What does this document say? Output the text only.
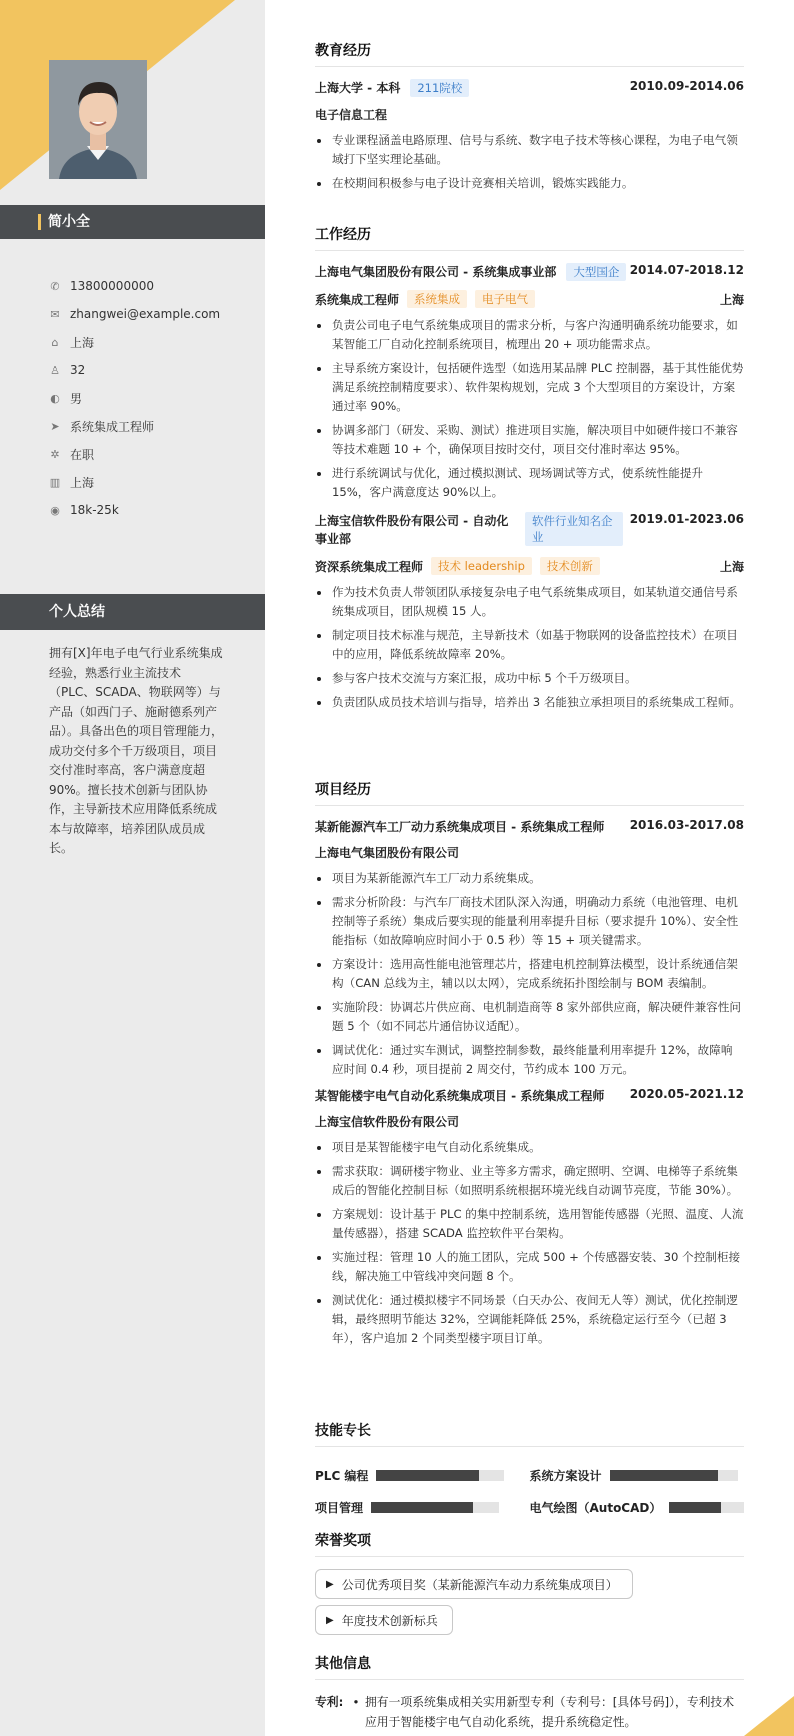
简小全
✆ 13800000000
✉ zhangwei@example.com
⌂ 上海
♙ 32
◐ 男
➤ 系统集成工程师
✲ 在职
▥ 上海
◉ 18k-25k
个人总结
拥有[X]年电子电气行业系统集成经验，熟悉行业主流技术（PLC、SCADA、物联网等）与产品（如西门子、施耐德系列产品）。具备出色的项目管理能力，成功交付多个千万级项目，项目交付准时率高，客户满意度超 90%。擅长技术创新与团队协作，主导新技术应用降低系统成本与故障率，培养团队成员成长。
教育经历
上海大学 - 本科	211院校	2010.09-2014.06
电子信息工程
专业课程涵盖电路原理、信号与系统、数字电子技术等核心课程，为电子电气领域打下坚实理论基础。
在校期间积极参与电子设计竞赛相关培训，锻炼实践能力。
工作经历
上海电气集团股份有限公司 - 系统集成事业部	大型国企 2014.07-2018.12
系统集成工程师	系统集成	电子电气	上海
负责公司电子电气系统集成项目的需求分析，与客户沟通明确系统功能要求，如某智能工厂自动化控制系统项目，梳理出 20 + 项功能需求点。
主导系统方案设计，包括硬件选型（如选用某品牌 PLC 控制器，基于其性能优势满足系统控制精度要求）、软件架构规划，完成 3 个大型项目的方案设计，方案通过率 90%。
协调多部门（研发、采购、测试）推进项目实施，解决项目中如硬件接口不兼容等技术难题 10 + 个，确保项目按时交付，项目交付准时率达 95%。
进行系统调试与优化，通过模拟测试、现场调试等方式，使系统性能提升 15%，客户满意度达 90%以上。
上海宝信软件股份有限公司 - 自动化事业部
软件行业知名企业
2019.01-2023.06
资深系统集成工程师	技术 leadership	技术创新	上海
作为技术负责人带领团队承接复杂电子电气系统集成项目，如某轨道交通信号系统集成项目，团队规模 15 人。
制定项目技术标准与规范，主导新技术（如基于物联网的设备监控技术）在项目中的应用，降低系统故障率 20%。
参与客户技术交流与方案汇报，成功中标 5 个千万级项目。
负责团队成员技术培训与指导，培养出 3 名能独立承担项目的系统集成工程师。
项目经历
某新能源汽车工厂动力系统集成项目 - 系统集成工程师 2016.03-2017.08
上海电气集团股份有限公司
项目为某新能源汽车工厂动力系统集成。
需求分析阶段：与汽车厂商技术团队深入沟通，明确动力系统（电池管理、电机控制等子系统）集成后要实现的能量利用率提升目标（要求提升 10%）、安全性能指标（如故障响应时间小于 0.5 秒）等 15 + 项关键需求。
方案设计：选用高性能电池管理芯片，搭建电机控制算法模型，设计系统通信架构（CAN 总线为主，辅以以太网），完成系统拓扑图绘制与 BOM 表编制。
实施阶段：协调芯片供应商、电机制造商等 8 家外部供应商，解决硬件兼容性问题 5 个（如不同芯片通信协议适配）。
调试优化：通过实车测试，调整控制参数，最终能量利用率提升 12%，故障响应时间 0.4 秒，项目提前 2 周交付，节约成本 100 万元。
某智能楼宇电气自动化系统集成项目 - 系统集成工程师 2020.05-2021.12
上海宝信软件股份有限公司
项目是某智能楼宇电气自动化系统集成。
需求获取：调研楼宇物业、业主等多方需求，确定照明、空调、电梯等子系统集成后的智能化控制目标（如照明系统根据环境光线自动调节亮度，节能 30%）。
方案规划：设计基于 PLC 的集中控制系统，选用智能传感器（光照、温度、人流量传感器），搭建 SCADA 监控软件平台架构。
实施过程：管理 10 人的施工团队，完成 500 + 个传感器安装、30 个控制柜接线，解决施工中管线冲突问题 8 个。
测试优化：通过模拟楼宇不同场景（白天办公、夜间无人等）测试，优化控制逻辑，最终照明节能达 32%，空调能耗降低 25%，系统稳定运行至今（已超 3 年），客户追加 2 个同类型楼宇项目订单。
技能专长
PLC 编程	系统方案设计
项目管理	电气绘图（AutoCAD）
荣誉奖项
▶ 公司优秀项目奖（某新能源汽车动力系统集成项目）
▶ 年度技术创新标兵
其他信息
专利: • 拥有一项系统集成相关实用新型专利（专利号：[具体号码]），专利技术应用于智能楼宇电气自动化系统，提升系统稳定性。
